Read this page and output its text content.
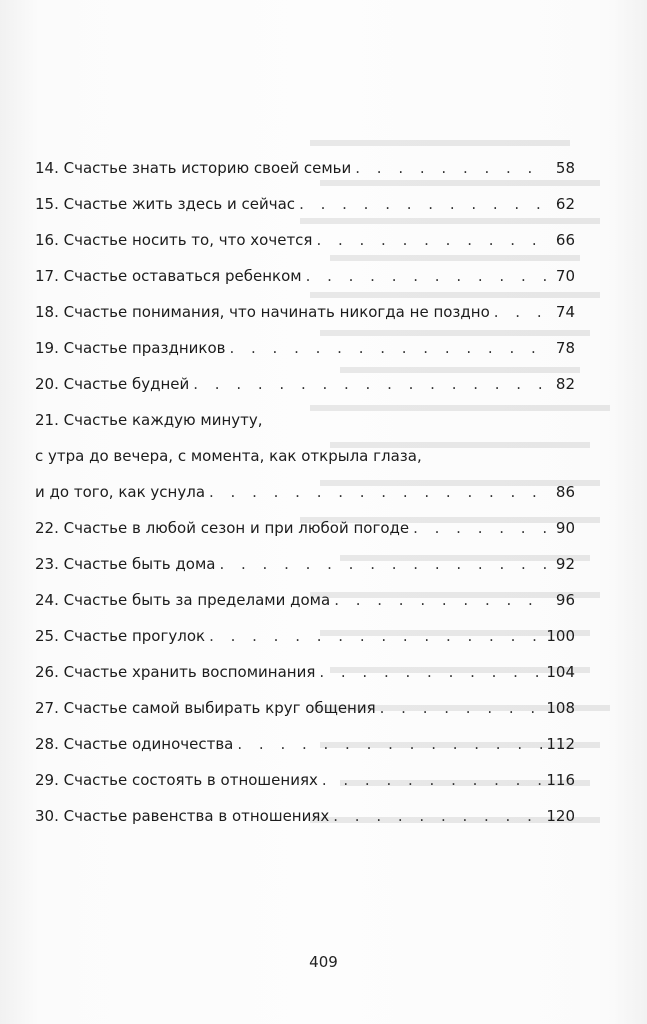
14. Счастье знать историю своей семьи . . .	58
15. Счастье жить здесь и сейчас . . .	62
16. Счастье носить то, что хочется . . .	66
17. Счастье оставаться ребенком . . .	70
18. Счастье понимания, что начинать никогда не поздно . . .	74
19. Счастье праздников . . .	78
20. Счастье будней . . .	82
21. Счастье каждую минуту,
с утра до вечера, с момента, как открыла глаза,
и до того, как уснула . . .	86
22. Счастье в любой сезон и при любой погоде . . .	90
23. Счастье быть дома . . .	92
24. Счастье быть за пределами дома . . .	96
25. Счастье прогулок . . .	100
26. Счастье хранить воспоминания . . .	104
27. Счастье самой выбирать круг общения . . .	108
28. Счастье одиночества . . .	112
29. Счастье состоять в отношениях . . .	116
30. Счастье равенства в отношениях . . .	120
409
